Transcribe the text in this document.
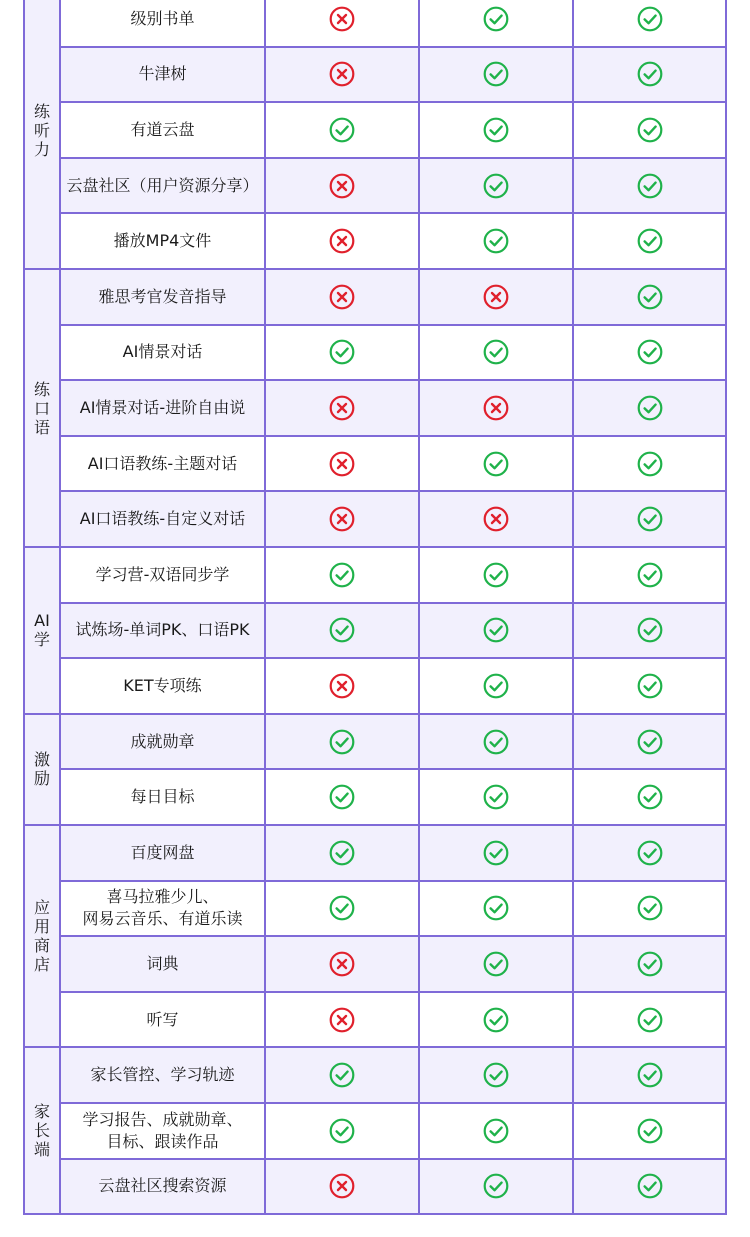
级别书单
牛津树
有道云盘
云盘社区（用户资源分享）
播放MP4文件
练听力
雅思考官发音指导
AI情景对话
AI情景对话-进阶自由说
AI口语教练-主题对话
AI口语教练-自定义对话
练口语
学习营-双语同步学
试炼场-单词PK、口语PK
KET专项练
AI学
成就勋章
每日目标
激励
百度网盘
喜马拉雅少儿、
网易云音乐、有道乐读
词典
听写
应用商店
家长管控、学习轨迹
学习报告、成就勋章、
目标、跟读作品
云盘社区搜索资源
家长端
